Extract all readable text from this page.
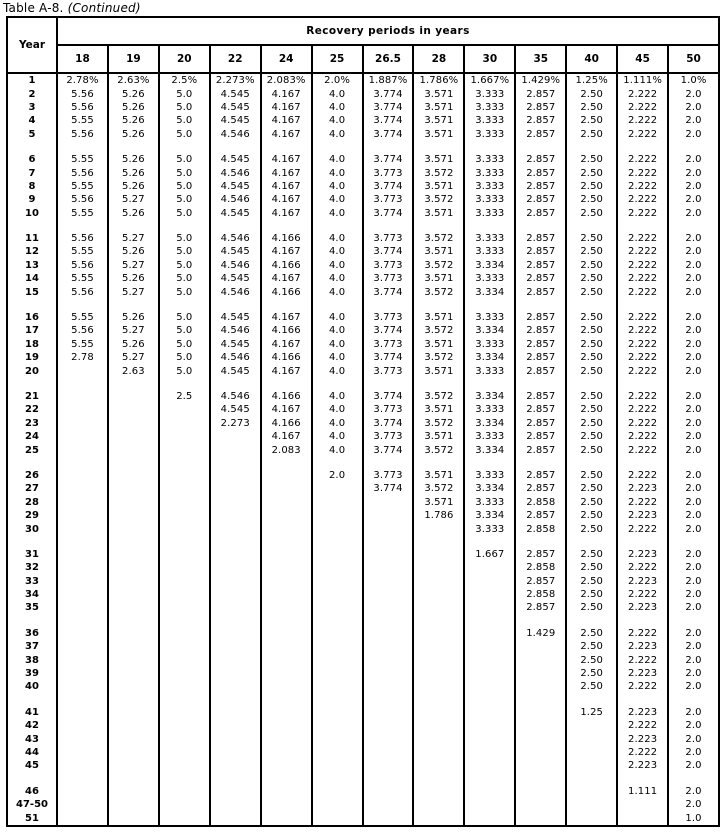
Table A-8. (Continued)
Year	Recovery periods in years												
	18	19	20	22	24	25	26.5	28	30	35	40	45	50
1	2.78%	2.63%	2.5%	2.273%	2.083%	2.0%	1.887%	1.786%	1.667%	1.429%	1.25%	1.111%	1.0%
2	5.56	5.26	5.0	4.545	4.167	4.0	3.774	3.571	3.333	2.857	2.50	2.222	2.0
3	5.56	5.26	5.0	4.545	4.167	4.0	3.774	3.571	3.333	2.857	2.50	2.222	2.0
4	5.55	5.26	5.0	4.545	4.167	4.0	3.774	3.571	3.333	2.857	2.50	2.222	2.0
5	5.56	5.26	5.0	4.546	4.167	4.0	3.774	3.571	3.333	2.857	2.50	2.222	2.0

6	5.55	5.26	5.0	4.545	4.167	4.0	3.774	3.571	3.333	2.857	2.50	2.222	2.0
7	5.56	5.26	5.0	4.546	4.167	4.0	3.773	3.572	3.333	2.857	2.50	2.222	2.0
8	5.55	5.26	5.0	4.545	4.167	4.0	3.774	3.571	3.333	2.857	2.50	2.222	2.0
9	5.56	5.27	5.0	4.546	4.167	4.0	3.773	3.572	3.333	2.857	2.50	2.222	2.0
10	5.55	5.26	5.0	4.545	4.167	4.0	3.774	3.571	3.333	2.857	2.50	2.222	2.0

11	5.56	5.27	5.0	4.546	4.166	4.0	3.773	3.572	3.333	2.857	2.50	2.222	2.0
12	5.55	5.26	5.0	4.545	4.167	4.0	3.774	3.571	3.333	2.857	2.50	2.222	2.0
13	5.56	5.27	5.0	4.546	4.166	4.0	3.773	3.572	3.334	2.857	2.50	2.222	2.0
14	5.55	5.26	5.0	4.545	4.167	4.0	3.773	3.571	3.333	2.857	2.50	2.222	2.0
15	5.56	5.27	5.0	4.546	4.166	4.0	3.774	3.572	3.334	2.857	2.50	2.222	2.0

16	5.55	5.26	5.0	4.545	4.167	4.0	3.773	3.571	3.333	2.857	2.50	2.222	2.0
17	5.56	5.27	5.0	4.546	4.166	4.0	3.774	3.572	3.334	2.857	2.50	2.222	2.0
18	5.55	5.26	5.0	4.545	4.167	4.0	3.773	3.571	3.333	2.857	2.50	2.222	2.0
19	2.78	5.27	5.0	4.546	4.166	4.0	3.774	3.572	3.334	2.857	2.50	2.222	2.0
20		2.63	5.0	4.545	4.167	4.0	3.773	3.571	3.333	2.857	2.50	2.222	2.0

21			2.5	4.546	4.166	4.0	3.774	3.572	3.334	2.857	2.50	2.222	2.0
22				4.545	4.167	4.0	3.773	3.571	3.333	2.857	2.50	2.222	2.0
23				2.273	4.166	4.0	3.774	3.572	3.334	2.857	2.50	2.222	2.0
24					4.167	4.0	3.773	3.571	3.333	2.857	2.50	2.222	2.0
25					2.083	4.0	3.774	3.572	3.334	2.857	2.50	2.222	2.0

26						2.0	3.773	3.571	3.333	2.857	2.50	2.222	2.0
27							3.774	3.572	3.334	2.857	2.50	2.223	2.0
28								3.571	3.333	2.858	2.50	2.222	2.0
29								1.786	3.334	2.857	2.50	2.223	2.0
30									3.333	2.858	2.50	2.222	2.0

31									1.667	2.857	2.50	2.223	2.0
32										2.858	2.50	2.222	2.0
33										2.857	2.50	2.223	2.0
34										2.858	2.50	2.222	2.0
35										2.857	2.50	2.223	2.0

36										1.429	2.50	2.222	2.0
37											2.50	2.223	2.0
38											2.50	2.222	2.0
39											2.50	2.223	2.0
40											2.50	2.222	2.0

41											1.25	2.223	2.0
42												2.222	2.0
43												2.223	2.0
44												2.222	2.0
45												2.223	2.0

46												1.111	2.0
47-50													2.0
51													1.0
